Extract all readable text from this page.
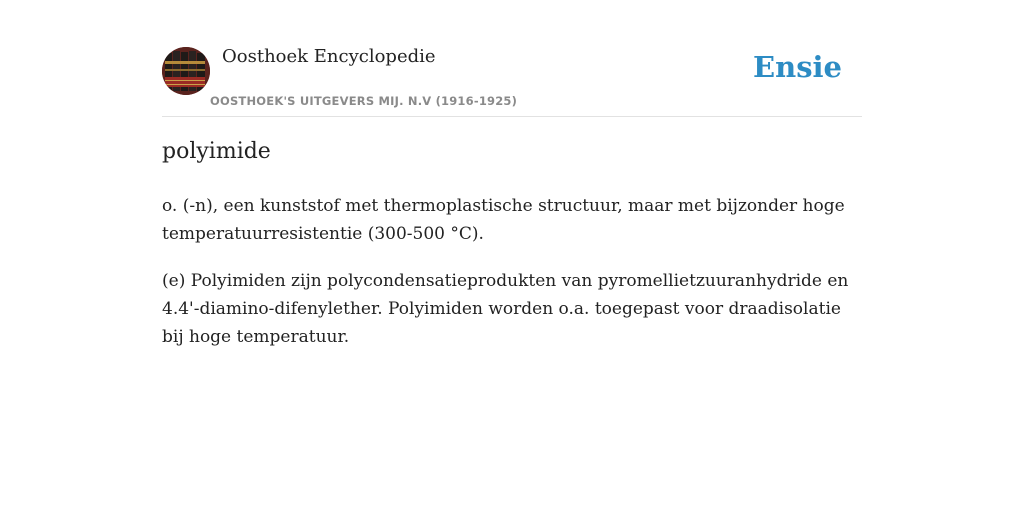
Oosthoek Encyclopedie
OOSTHOEK'S UITGEVERS MIJ. N.V (1916-1925)
Ensie
polyimide

o. (-n), een kunststof met thermoplastische structuur, maar met bijzonder hoge temperatuurresistentie (300-500 °C).

(e) Polyimiden zijn polycondensatieprodukten van pyromellietzuuranhydride en 4.4'-diamino-difenylether. Polyimiden worden o.a. toegepast voor draadisolatie bij hoge temperatuur.
